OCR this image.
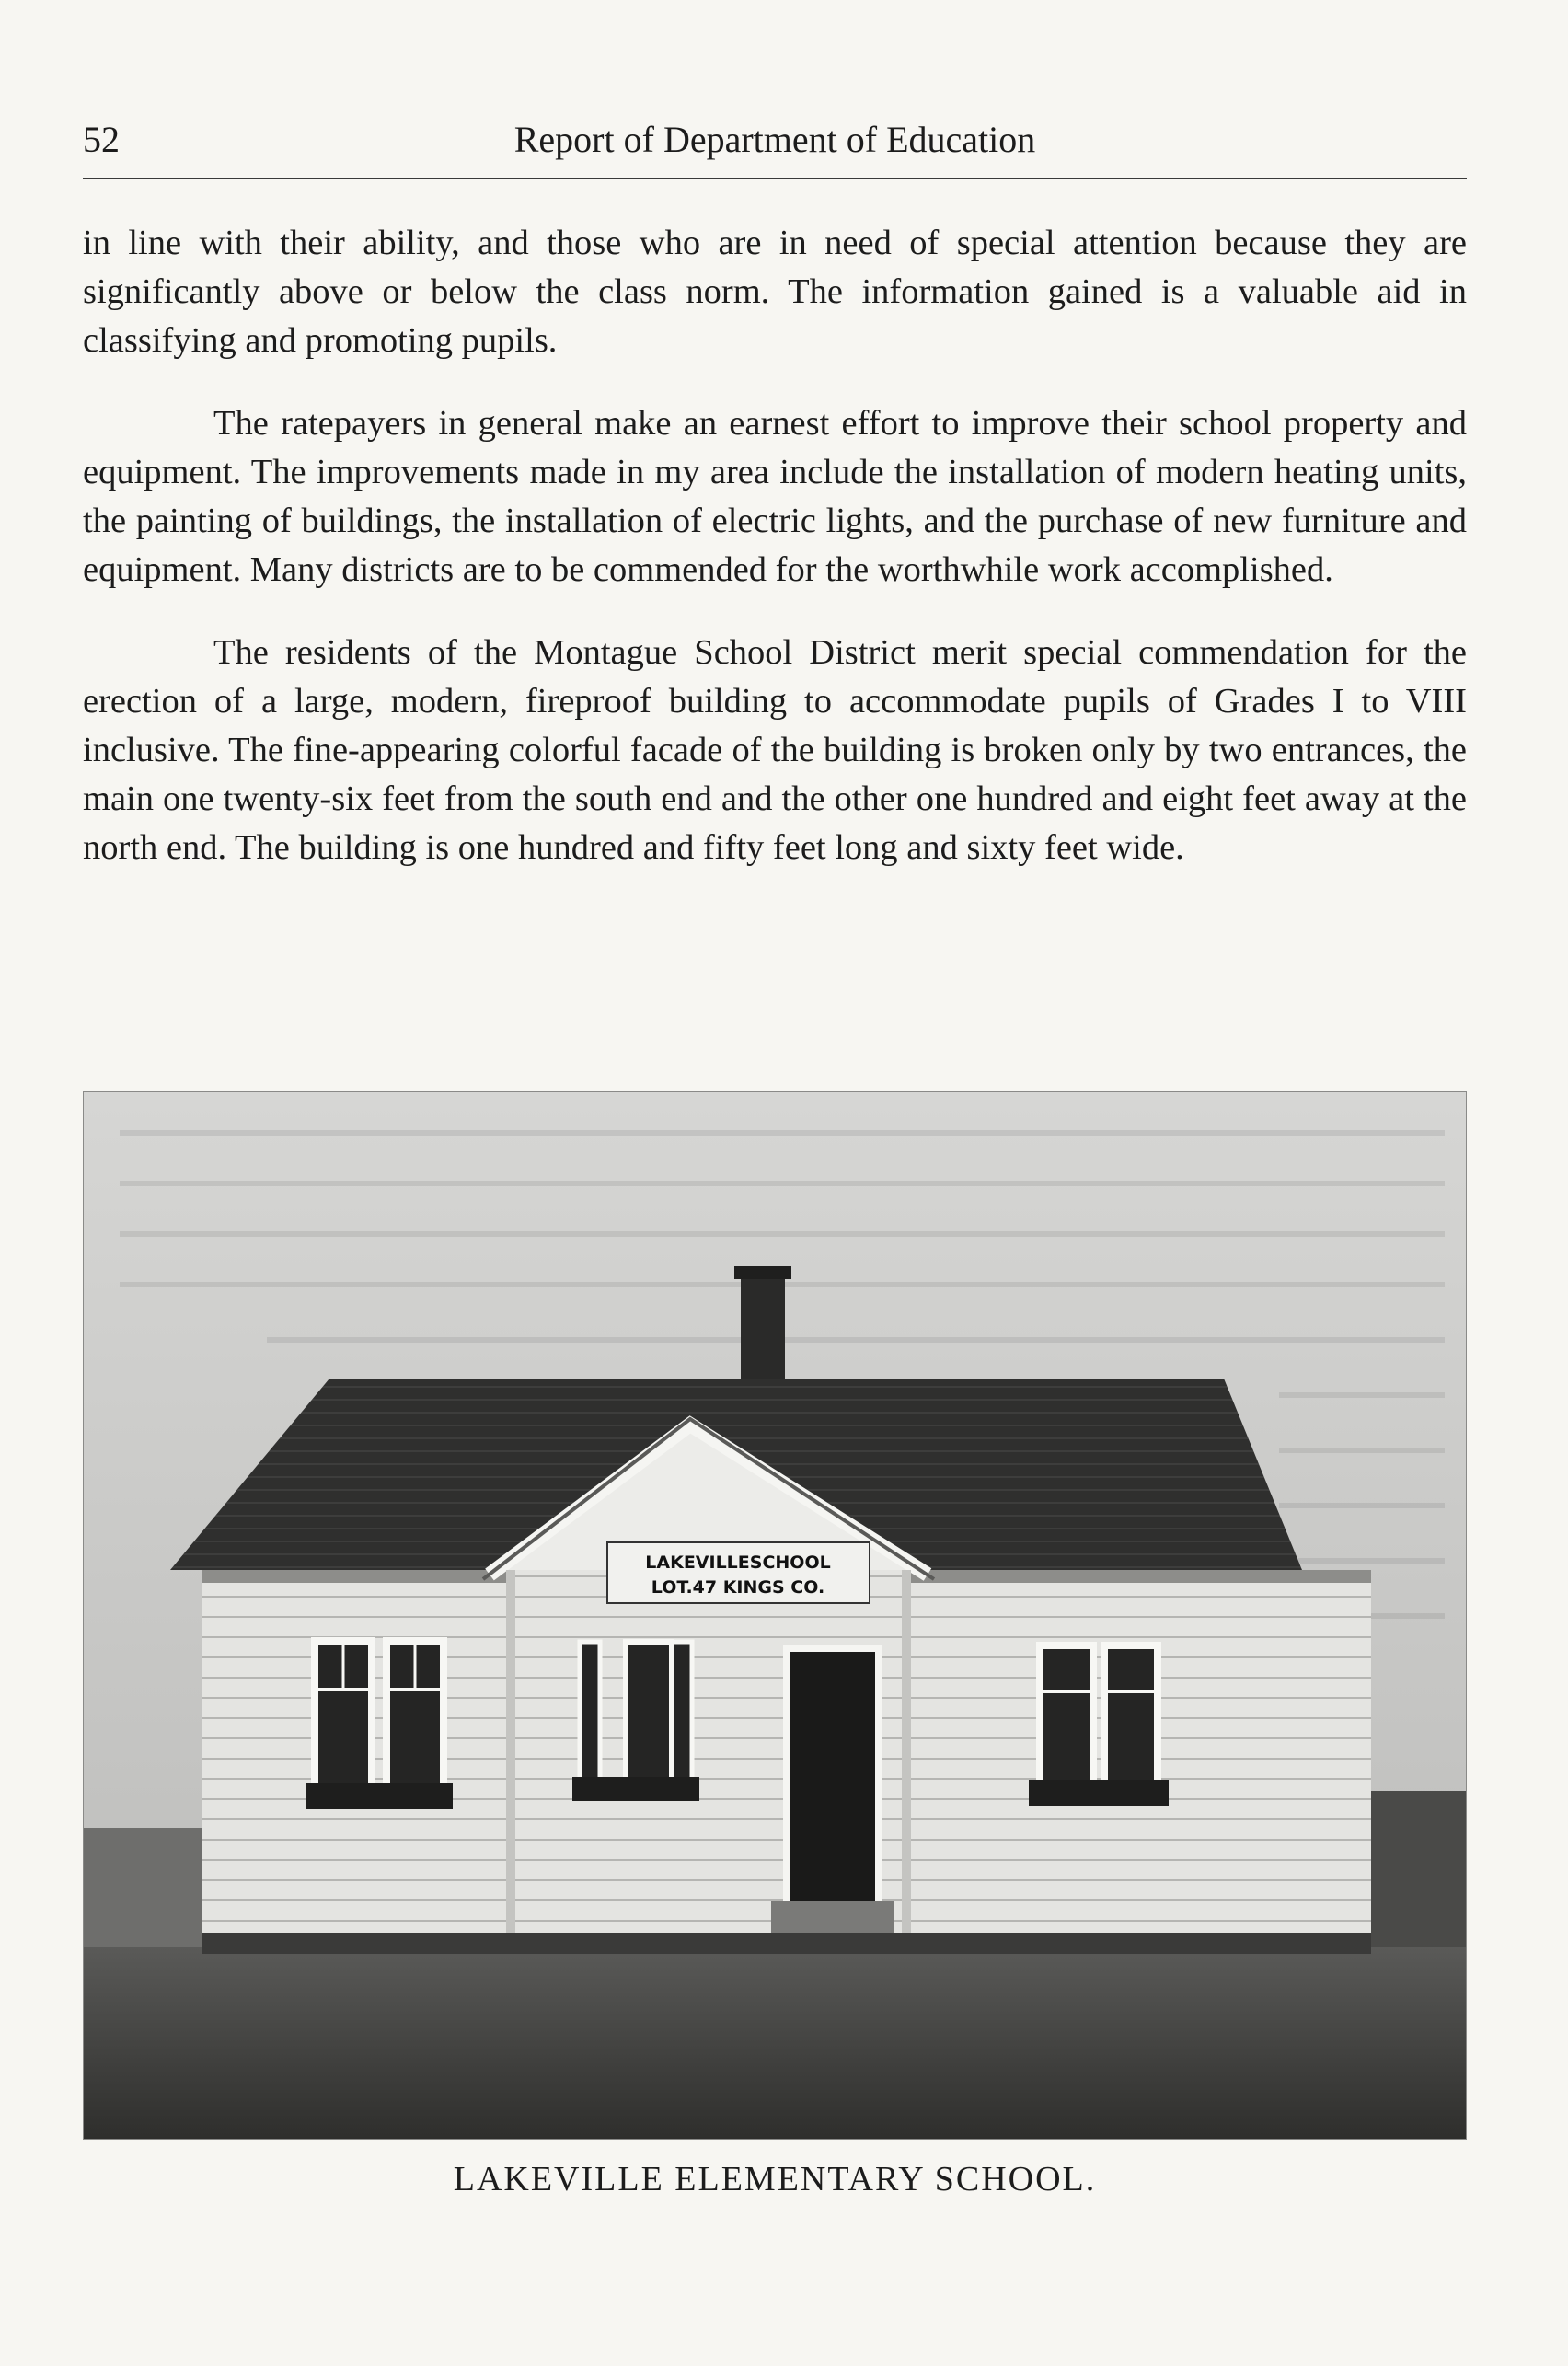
52	Report of Department of Education

in line with their ability, and those who are in need of special attention because they are significantly above or below the class norm. The information gained is a valuable aid in classifying and promoting pupils.

The ratepayers in general make an earnest effort to improve their school property and equipment. The improvements made in my area include the installation of modern heating units, the painting of buildings, the installation of electric lights, and the purchase of new furniture and equipment. Many districts are to be commended for the worthwhile work accomplished.

The residents of the Montague School District merit special commendation for the erection of a large, modern, fireproof building to accommodate pupils of Grades I to VIII inclusive. The fine-appearing colorful facade of the building is broken only by two entrances, the main one twenty-six feet from the south end and the other one hundred and eight feet away at the north end. The building is one hundred and fifty feet long and sixty feet wide.

LAKEVILLESCHOOL
LOT.47 KINGS CO.
LAKEVILLE ELEMENTARY SCHOOL.
